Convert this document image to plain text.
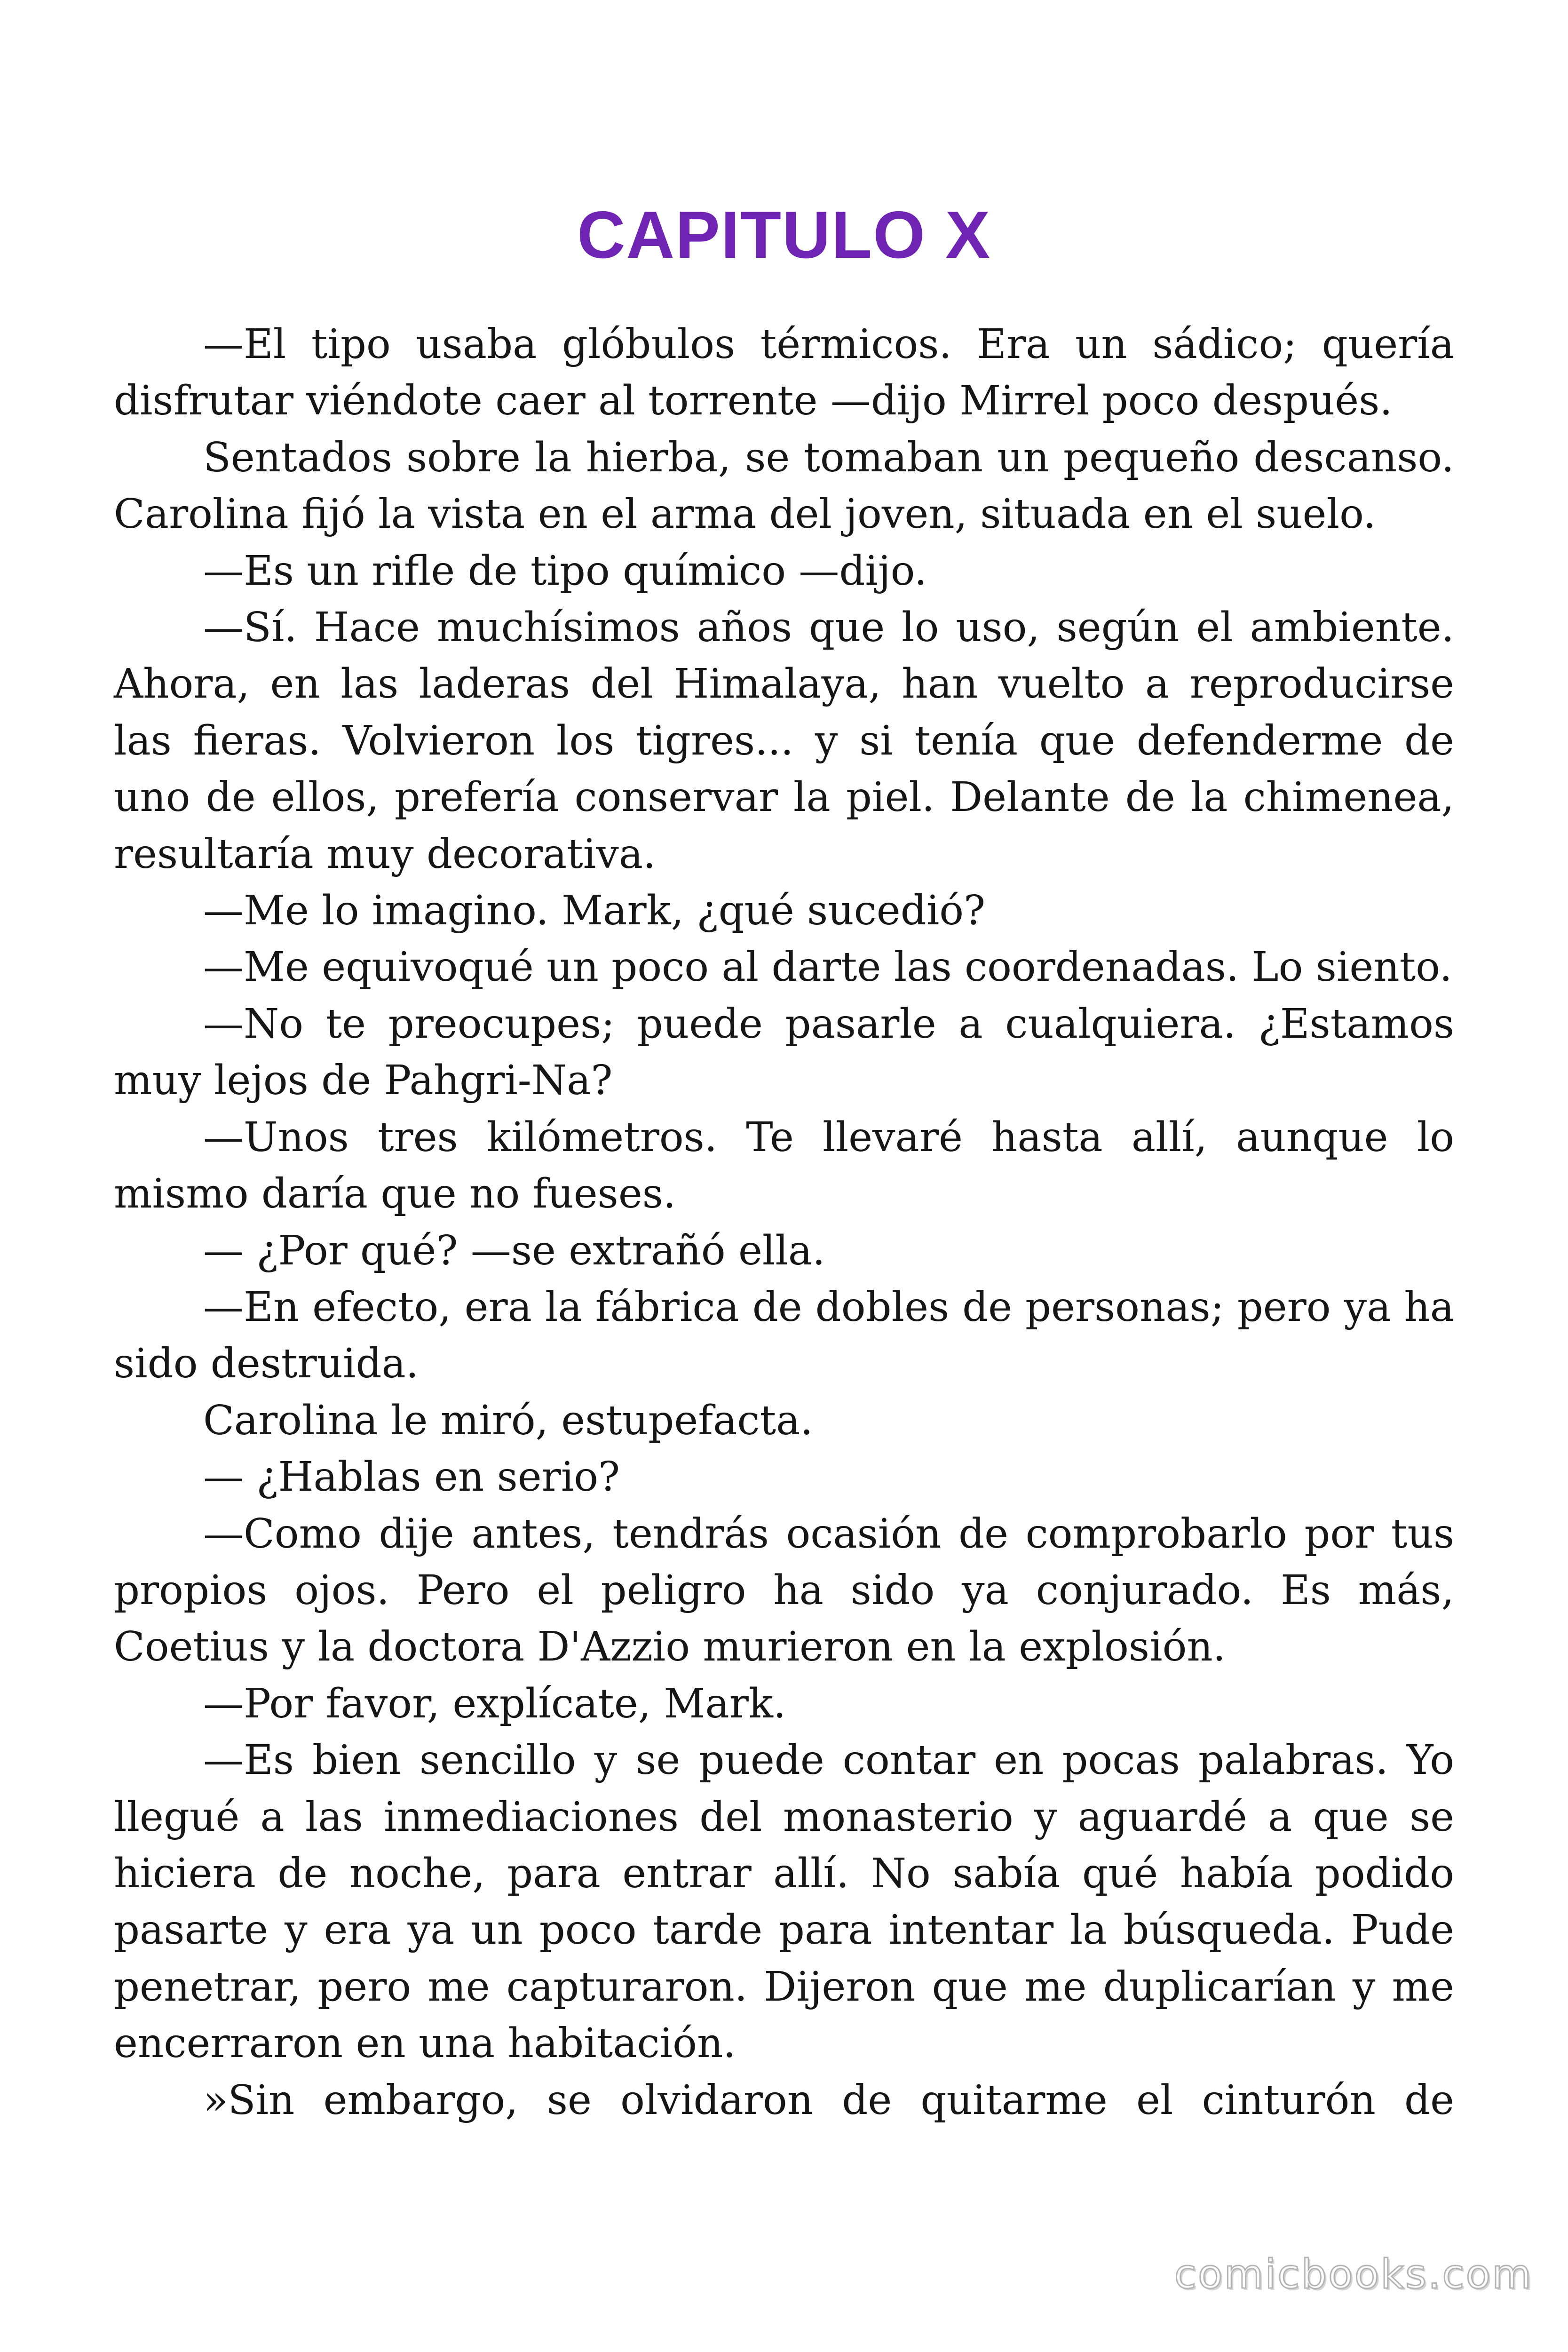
CAPITULO X

—El tipo usaba glóbulos térmicos. Era un sádico; quería disfrutar viéndote caer al torrente —dijo Mirrel poco después.

Sentados sobre la hierba, se tomaban un pequeño descanso. Carolina fijó la vista en el arma del joven, situada en el suelo.

—Es un rifle de tipo químico —dijo.

—Sí. Hace muchísimos años que lo uso, según el ambiente. Ahora, en las laderas del Himalaya, han vuelto a reproducirse las fieras. Volvieron los tigres... y si tenía que defenderme de uno de ellos, prefería conservar la piel. Delante de la chimenea, resultaría muy decorativa.

—Me lo imagino. Mark, ¿qué sucedió?

—Me equivoqué un poco al darte las coordenadas. Lo siento.

—No te preocupes; puede pasarle a cualquiera. ¿Estamos muy lejos de Pahgri-Na?

—Unos tres kilómetros. Te llevaré hasta allí, aunque lo mismo daría que no fueses.

— ¿Por qué? —se extrañó ella.

—En efecto, era la fábrica de dobles de personas; pero ya ha sido destruida.

Carolina le miró, estupefacta.

— ¿Hablas en serio?

—Como dije antes, tendrás ocasión de comprobarlo por tus propios ojos. Pero el peligro ha sido ya conjurado. Es más, Coetius y la doctora D'Azzio murieron en la explosión.

—Por favor, explícate, Mark.

—Es bien sencillo y se puede contar en pocas palabras. Yo llegué a las inmediaciones del monasterio y aguardé a que se hiciera de noche, para entrar allí. No sabía qué había podido pasarte y era ya un poco tarde para intentar la búsqueda. Pude penetrar, pero me capturaron. Dijeron que me duplicarían y me encerraron en una habitación.

»Sin embargo, se olvidaron de quitarme el cinturón de

comicbooks.com
